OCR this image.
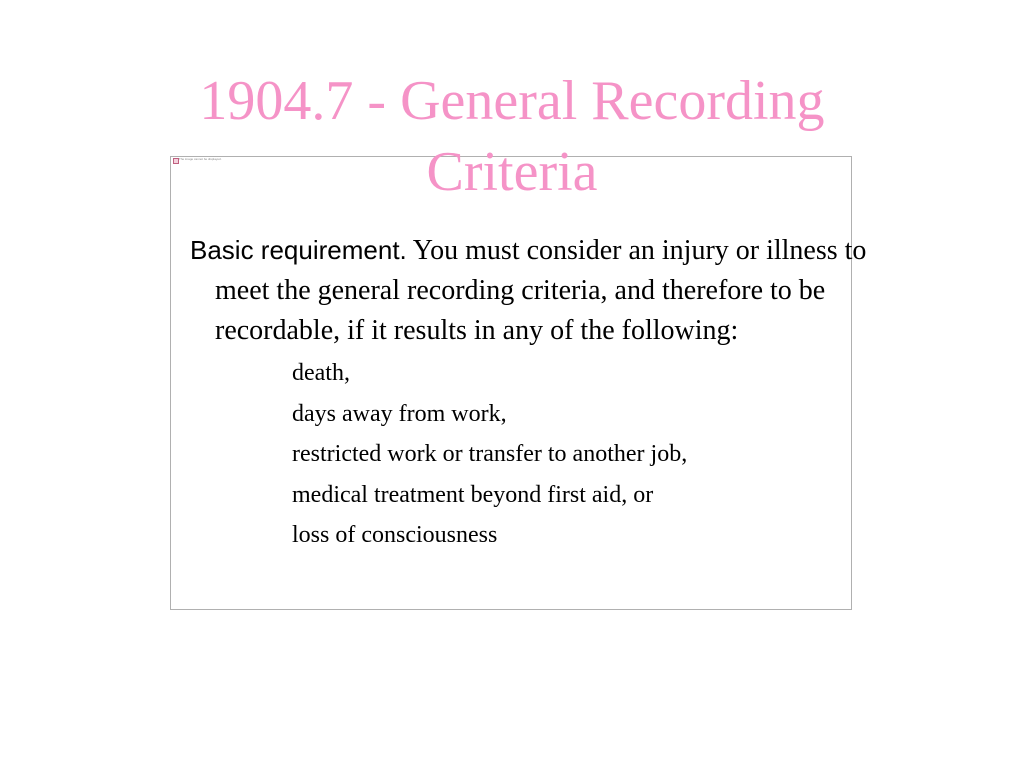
The image cannot be displayed.
1904.7 - General Recording Criteria

Basic requirement. You must consider an injury or illness to meet the general recording criteria, and therefore to be recordable, if it results in any of the following:

death,
days away from work,
restricted work or transfer to another job,
medical treatment beyond first aid, or
loss of consciousness
